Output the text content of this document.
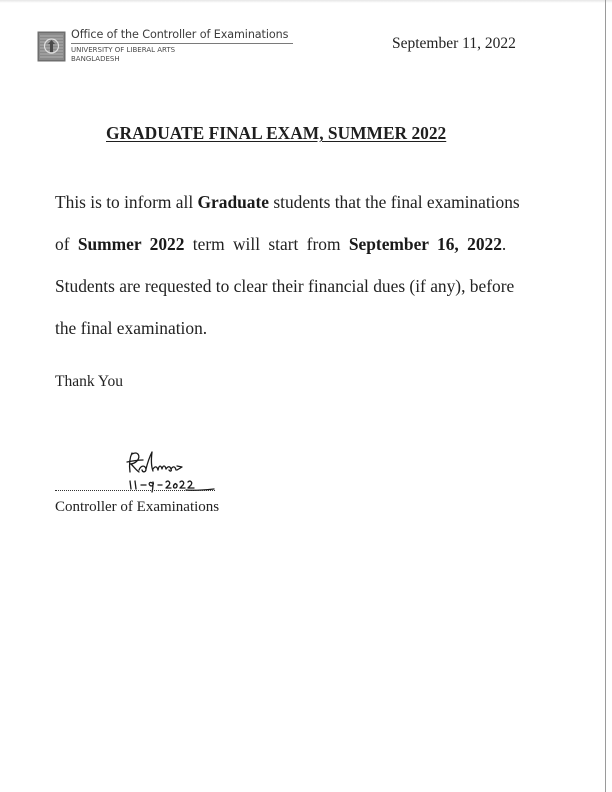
Office of the Controller of Examinations
UNIVERSITY OF LIBERAL ARTS
BANGLADESH
September 11, 2022
GRADUATE FINAL EXAM, SUMMER 2022
This is to inform all Graduate students that the final examinations
of Summer 2022 term will start from September 16, 2022.
Students are requested to clear their financial dues (if any), before
the final examination.
Thank You
Controller of Examinations
